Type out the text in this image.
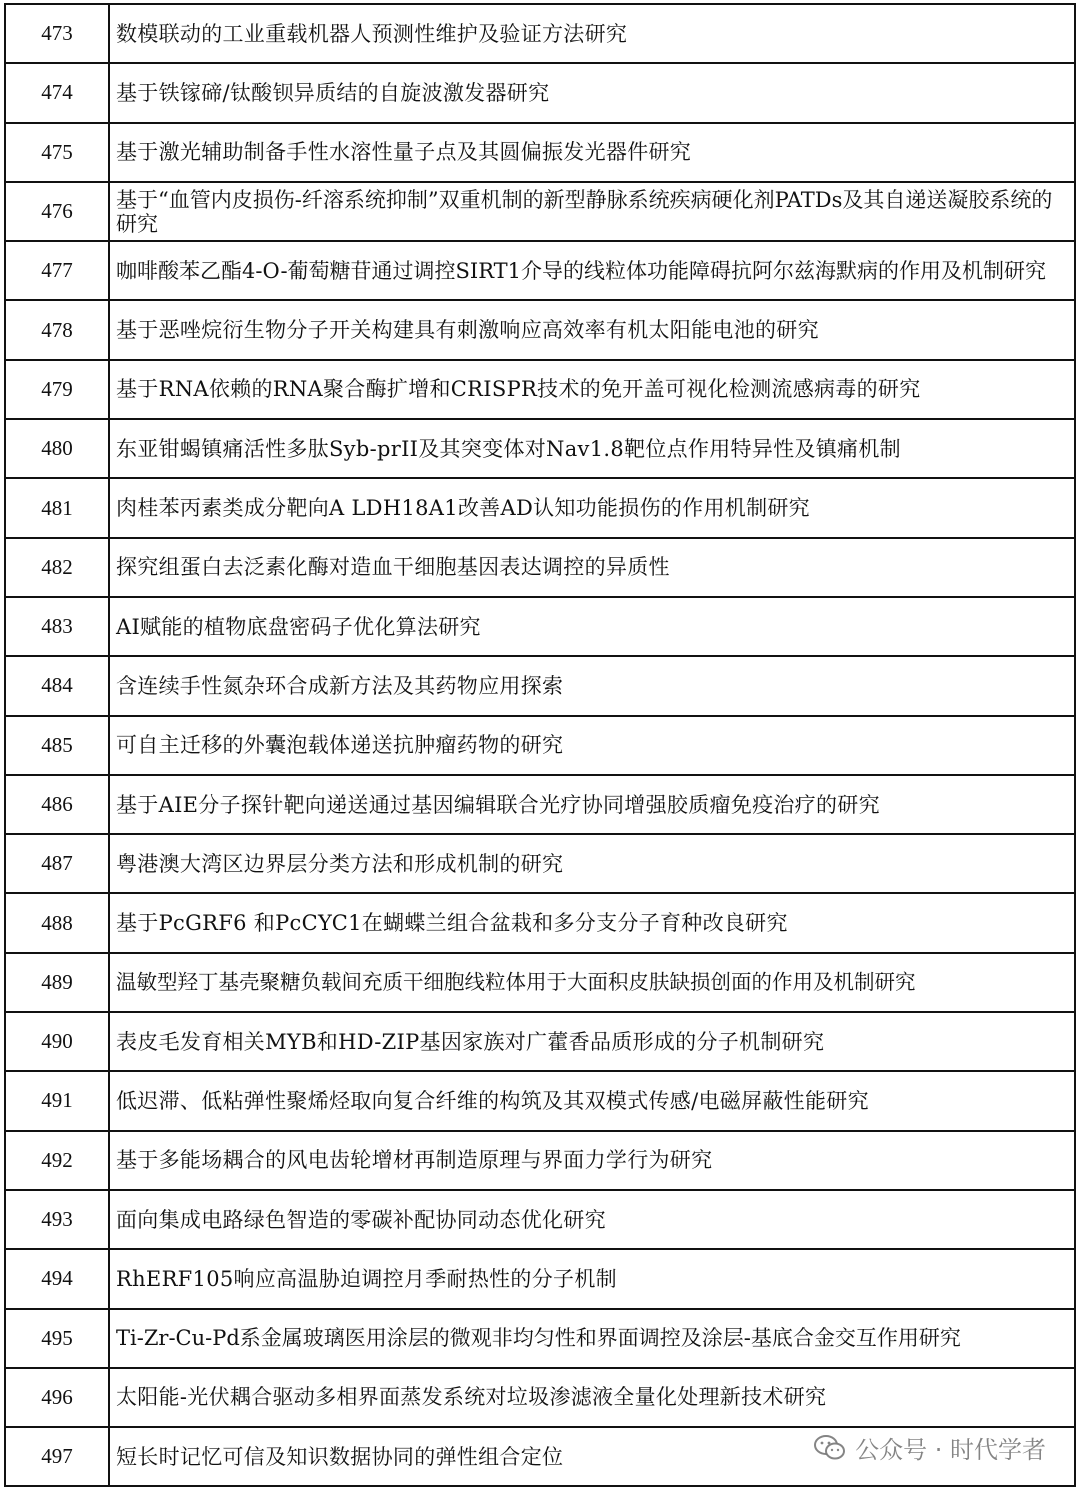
473	数模联动的工业重载机器人预测性维护及验证方法研究
474	基于铁镓碲/钛酸钡异质结的自旋波激发器研究
475	基于激光辅助制备手性水溶性量子点及其圆偏振发光器件研究
476	基于“血管内皮损伤-纤溶系统抑制”双重机制的新型静脉系统疾病硬化剂PATDs及其自递送凝胶系统的研究
477	咖啡酸苯乙酯4-O-葡萄糖苷通过调控SIRT1介导的线粒体功能障碍抗阿尔兹海默病的作用及机制研究
478	基于恶唑烷衍生物分子开关构建具有刺激响应高效率有机太阳能电池的研究
479	基于RNA依赖的RNA聚合酶扩增和CRISPR技术的免开盖可视化检测流感病毒的研究
480	东亚钳蝎镇痛活性多肽Syb-prII及其突变体对Nav1.8靶位点作用特异性及镇痛机制
481	肉桂苯丙素类成分靶向A LDH18A1改善AD认知功能损伤的作用机制研究
482	探究组蛋白去泛素化酶对造血干细胞基因表达调控的异质性
483	AI赋能的植物底盘密码子优化算法研究
484	含连续手性氮杂环合成新方法及其药物应用探索
485	可自主迁移的外囊泡载体递送抗肿瘤药物的研究
486	基于AIE分子探针靶向递送通过基因编辑联合光疗协同增强胶质瘤免疫治疗的研究
487	粤港澳大湾区边界层分类方法和形成机制的研究
488	基于PcGRF6 和PcCYC1在蝴蝶兰组合盆栽和多分支分子育种改良研究
489	温敏型羟丁基壳聚糖负载间充质干细胞线粒体用于大面积皮肤缺损创面的作用及机制研究
490	表皮毛发育相关MYB和HD-ZIP基因家族对广藿香品质形成的分子机制研究
491	低迟滞、低粘弹性聚烯烃取向复合纤维的构筑及其双模式传感/电磁屏蔽性能研究
492	基于多能场耦合的风电齿轮增材再制造原理与界面力学行为研究
493	面向集成电路绿色智造的零碳补配协同动态优化研究
494	RhERF105响应高温胁迫调控月季耐热性的分子机制
495	Ti-Zr-Cu-Pd系金属玻璃医用涂层的微观非均匀性和界面调控及涂层-基底合金交互作用研究
496	太阳能-光伏耦合驱动多相界面蒸发系统对垃圾渗滤液全量化处理新技术研究
497	短长时记忆可信及知识数据协同的弹性组合定位	公众号 · 时代学者
